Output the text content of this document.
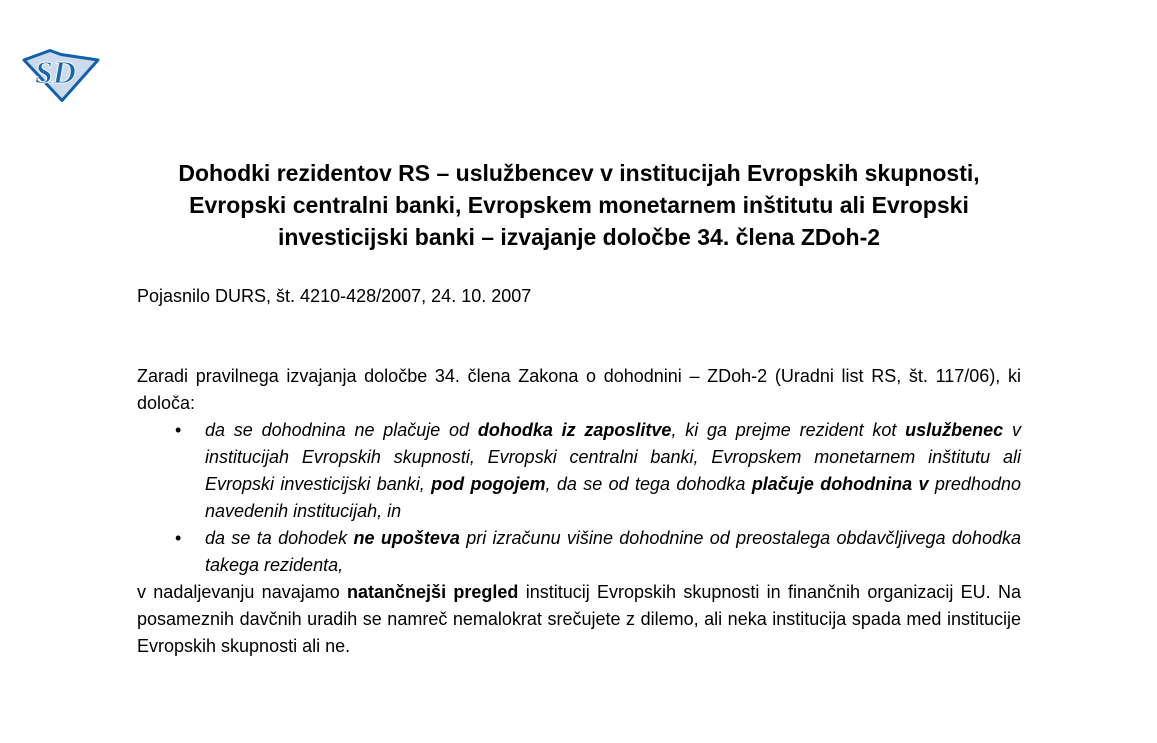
SD
Dohodki rezidentov RS – uslužbencev v institucijah Evropskih skupnosti, Evropski centralni banki, Evropskem monetarnem inštitutu ali Evropski investicijski banki – izvajanje določbe 34. člena ZDoh-2
Pojasnilo DURS, št. 4210-428/2007, 24. 10. 2007
Zaradi pravilnega izvajanja določbe 34. člena Zakona o dohodnini – ZDoh-2 (Uradni list RS, št. 117/06), ki določa:
• da se dohodnina ne plačuje od dohodka iz zaposlitve, ki ga prejme rezident kot uslužbenec v institucijah Evropskih skupnosti, Evropski centralni banki, Evropskem monetarnem inštitutu ali Evropski investicijski banki, pod pogojem, da se od tega dohodka plačuje dohodnina v predhodno navedenih institucijah, in
• da se ta dohodek ne upošteva pri izračunu višine dohodnine od preostalega obdavčljivega dohodka takega rezidenta,
v nadaljevanju navajamo natančnejši pregled institucij Evropskih skupnosti in finančnih organizacij EU. Na posameznih davčnih uradih se namreč nemalokrat srečujete z dilemo, ali neka institucija spada med institucije Evropskih skupnosti ali ne.
